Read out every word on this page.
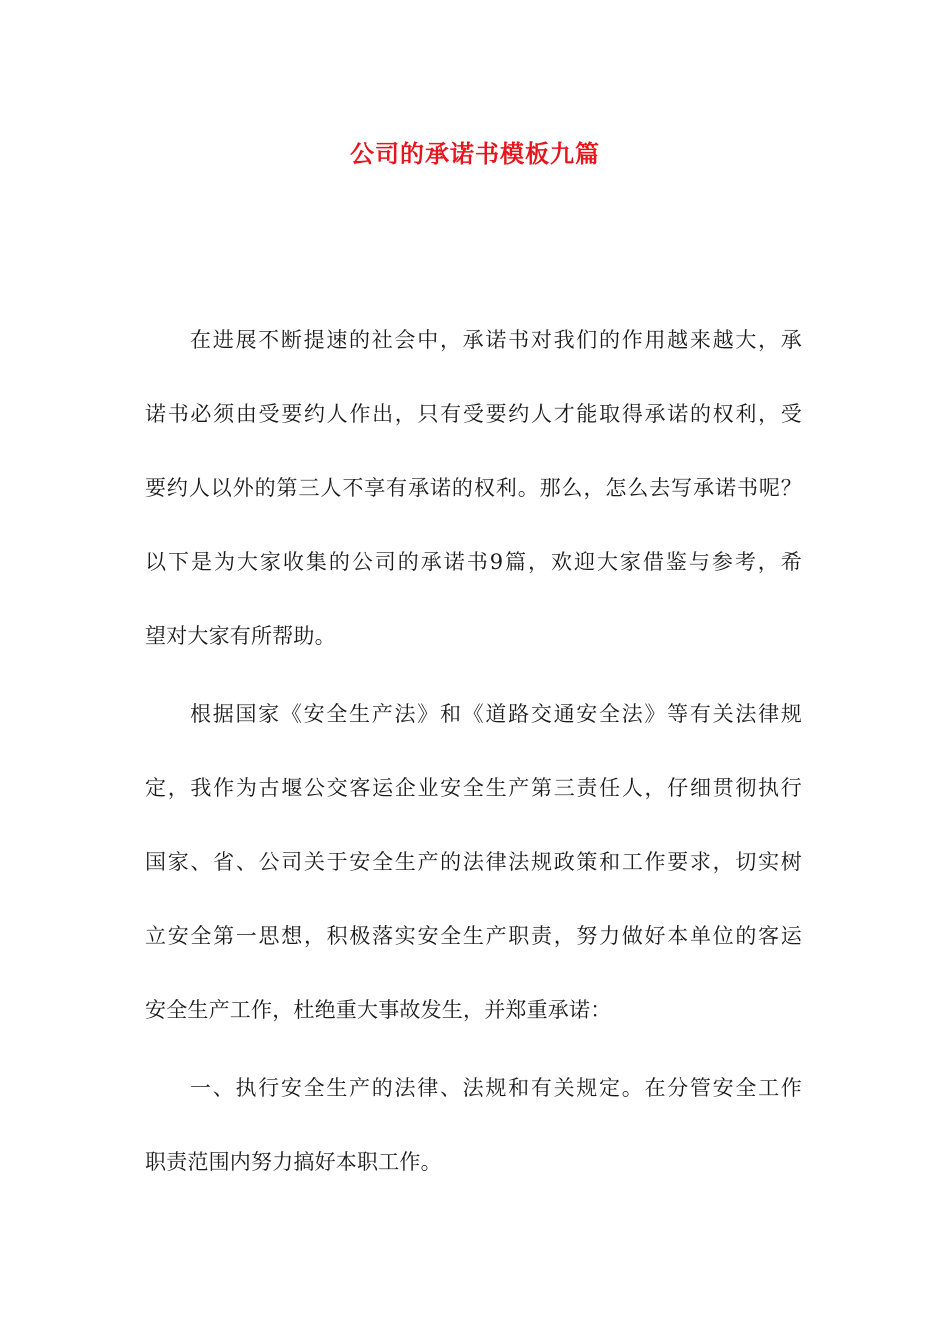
公司的承诺书模板九篇
在进展不断提速的社会中，承诺书对我们的作用越来越大，承
诺书必须由受要约人作出，只有受要约人才能取得承诺的权利，受
要约人以外的第三人不享有承诺的权利。那么，怎么去写承诺书呢？
以下是为大家收集的公司的承诺书9篇，欢迎大家借鉴与参考，希
望对大家有所帮助。
根据国家《安全生产法》和《道路交通安全法》等有关法律规
定，我作为古堰公交客运企业安全生产第三责任人，仔细贯彻执行
国家、省、公司关于安全生产的法律法规政策和工作要求，切实树
立安全第一思想，积极落实安全生产职责，努力做好本单位的客运
安全生产工作，杜绝重大事故发生，并郑重承诺：
一、执行安全生产的法律、法规和有关规定。在分管安全工作
职责范围内努力搞好本职工作。
